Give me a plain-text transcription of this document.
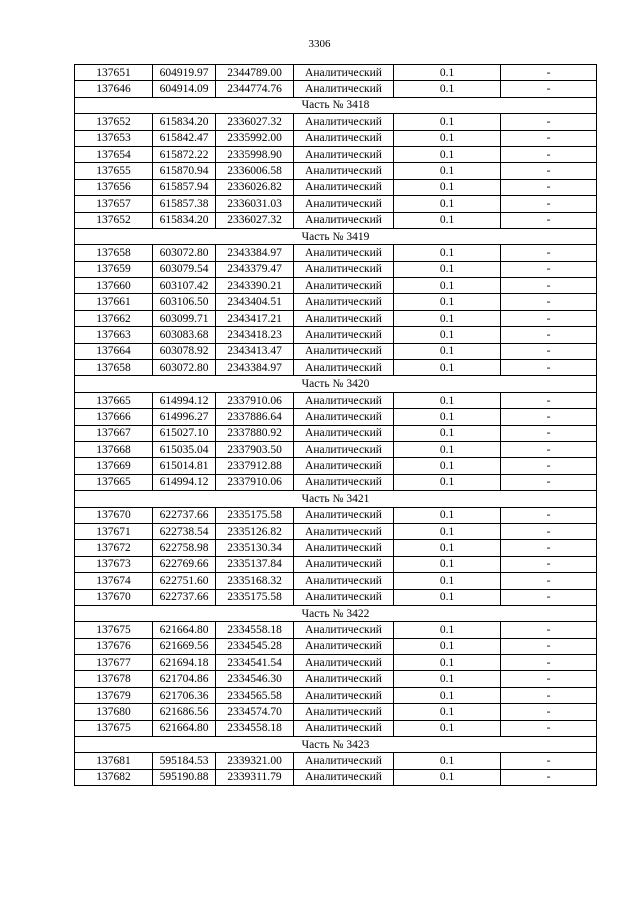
3306
137651	604919.97	2344789.00	Аналитический	0.1	-
137646	604914.09	2344774.76	Аналитический	0.1	-
Часть № 3418					
137652	615834.20	2336027.32	Аналитический	0.1	-
137653	615842.47	2335992.00	Аналитический	0.1	-
137654	615872.22	2335998.90	Аналитический	0.1	-
137655	615870.94	2336006.58	Аналитический	0.1	-
137656	615857.94	2336026.82	Аналитический	0.1	-
137657	615857.38	2336031.03	Аналитический	0.1	-
137652	615834.20	2336027.32	Аналитический	0.1	-
Часть № 3419					
137658	603072.80	2343384.97	Аналитический	0.1	-
137659	603079.54	2343379.47	Аналитический	0.1	-
137660	603107.42	2343390.21	Аналитический	0.1	-
137661	603106.50	2343404.51	Аналитический	0.1	-
137662	603099.71	2343417.21	Аналитический	0.1	-
137663	603083.68	2343418.23	Аналитический	0.1	-
137664	603078.92	2343413.47	Аналитический	0.1	-
137658	603072.80	2343384.97	Аналитический	0.1	-
Часть № 3420					
137665	614994.12	2337910.06	Аналитический	0.1	-
137666	614996.27	2337886.64	Аналитический	0.1	-
137667	615027.10	2337880.92	Аналитический	0.1	-
137668	615035.04	2337903.50	Аналитический	0.1	-
137669	615014.81	2337912.88	Аналитический	0.1	-
137665	614994.12	2337910.06	Аналитический	0.1	-
Часть № 3421					
137670	622737.66	2335175.58	Аналитический	0.1	-
137671	622738.54	2335126.82	Аналитический	0.1	-
137672	622758.98	2335130.34	Аналитический	0.1	-
137673	622769.66	2335137.84	Аналитический	0.1	-
137674	622751.60	2335168.32	Аналитический	0.1	-
137670	622737.66	2335175.58	Аналитический	0.1	-
Часть № 3422					
137675	621664.80	2334558.18	Аналитический	0.1	-
137676	621669.56	2334545.28	Аналитический	0.1	-
137677	621694.18	2334541.54	Аналитический	0.1	-
137678	621704.86	2334546.30	Аналитический	0.1	-
137679	621706.36	2334565.58	Аналитический	0.1	-
137680	621686.56	2334574.70	Аналитический	0.1	-
137675	621664.80	2334558.18	Аналитический	0.1	-
Часть № 3423					
137681	595184.53	2339321.00	Аналитический	0.1	-
137682	595190.88	2339311.79	Аналитический	0.1	-
